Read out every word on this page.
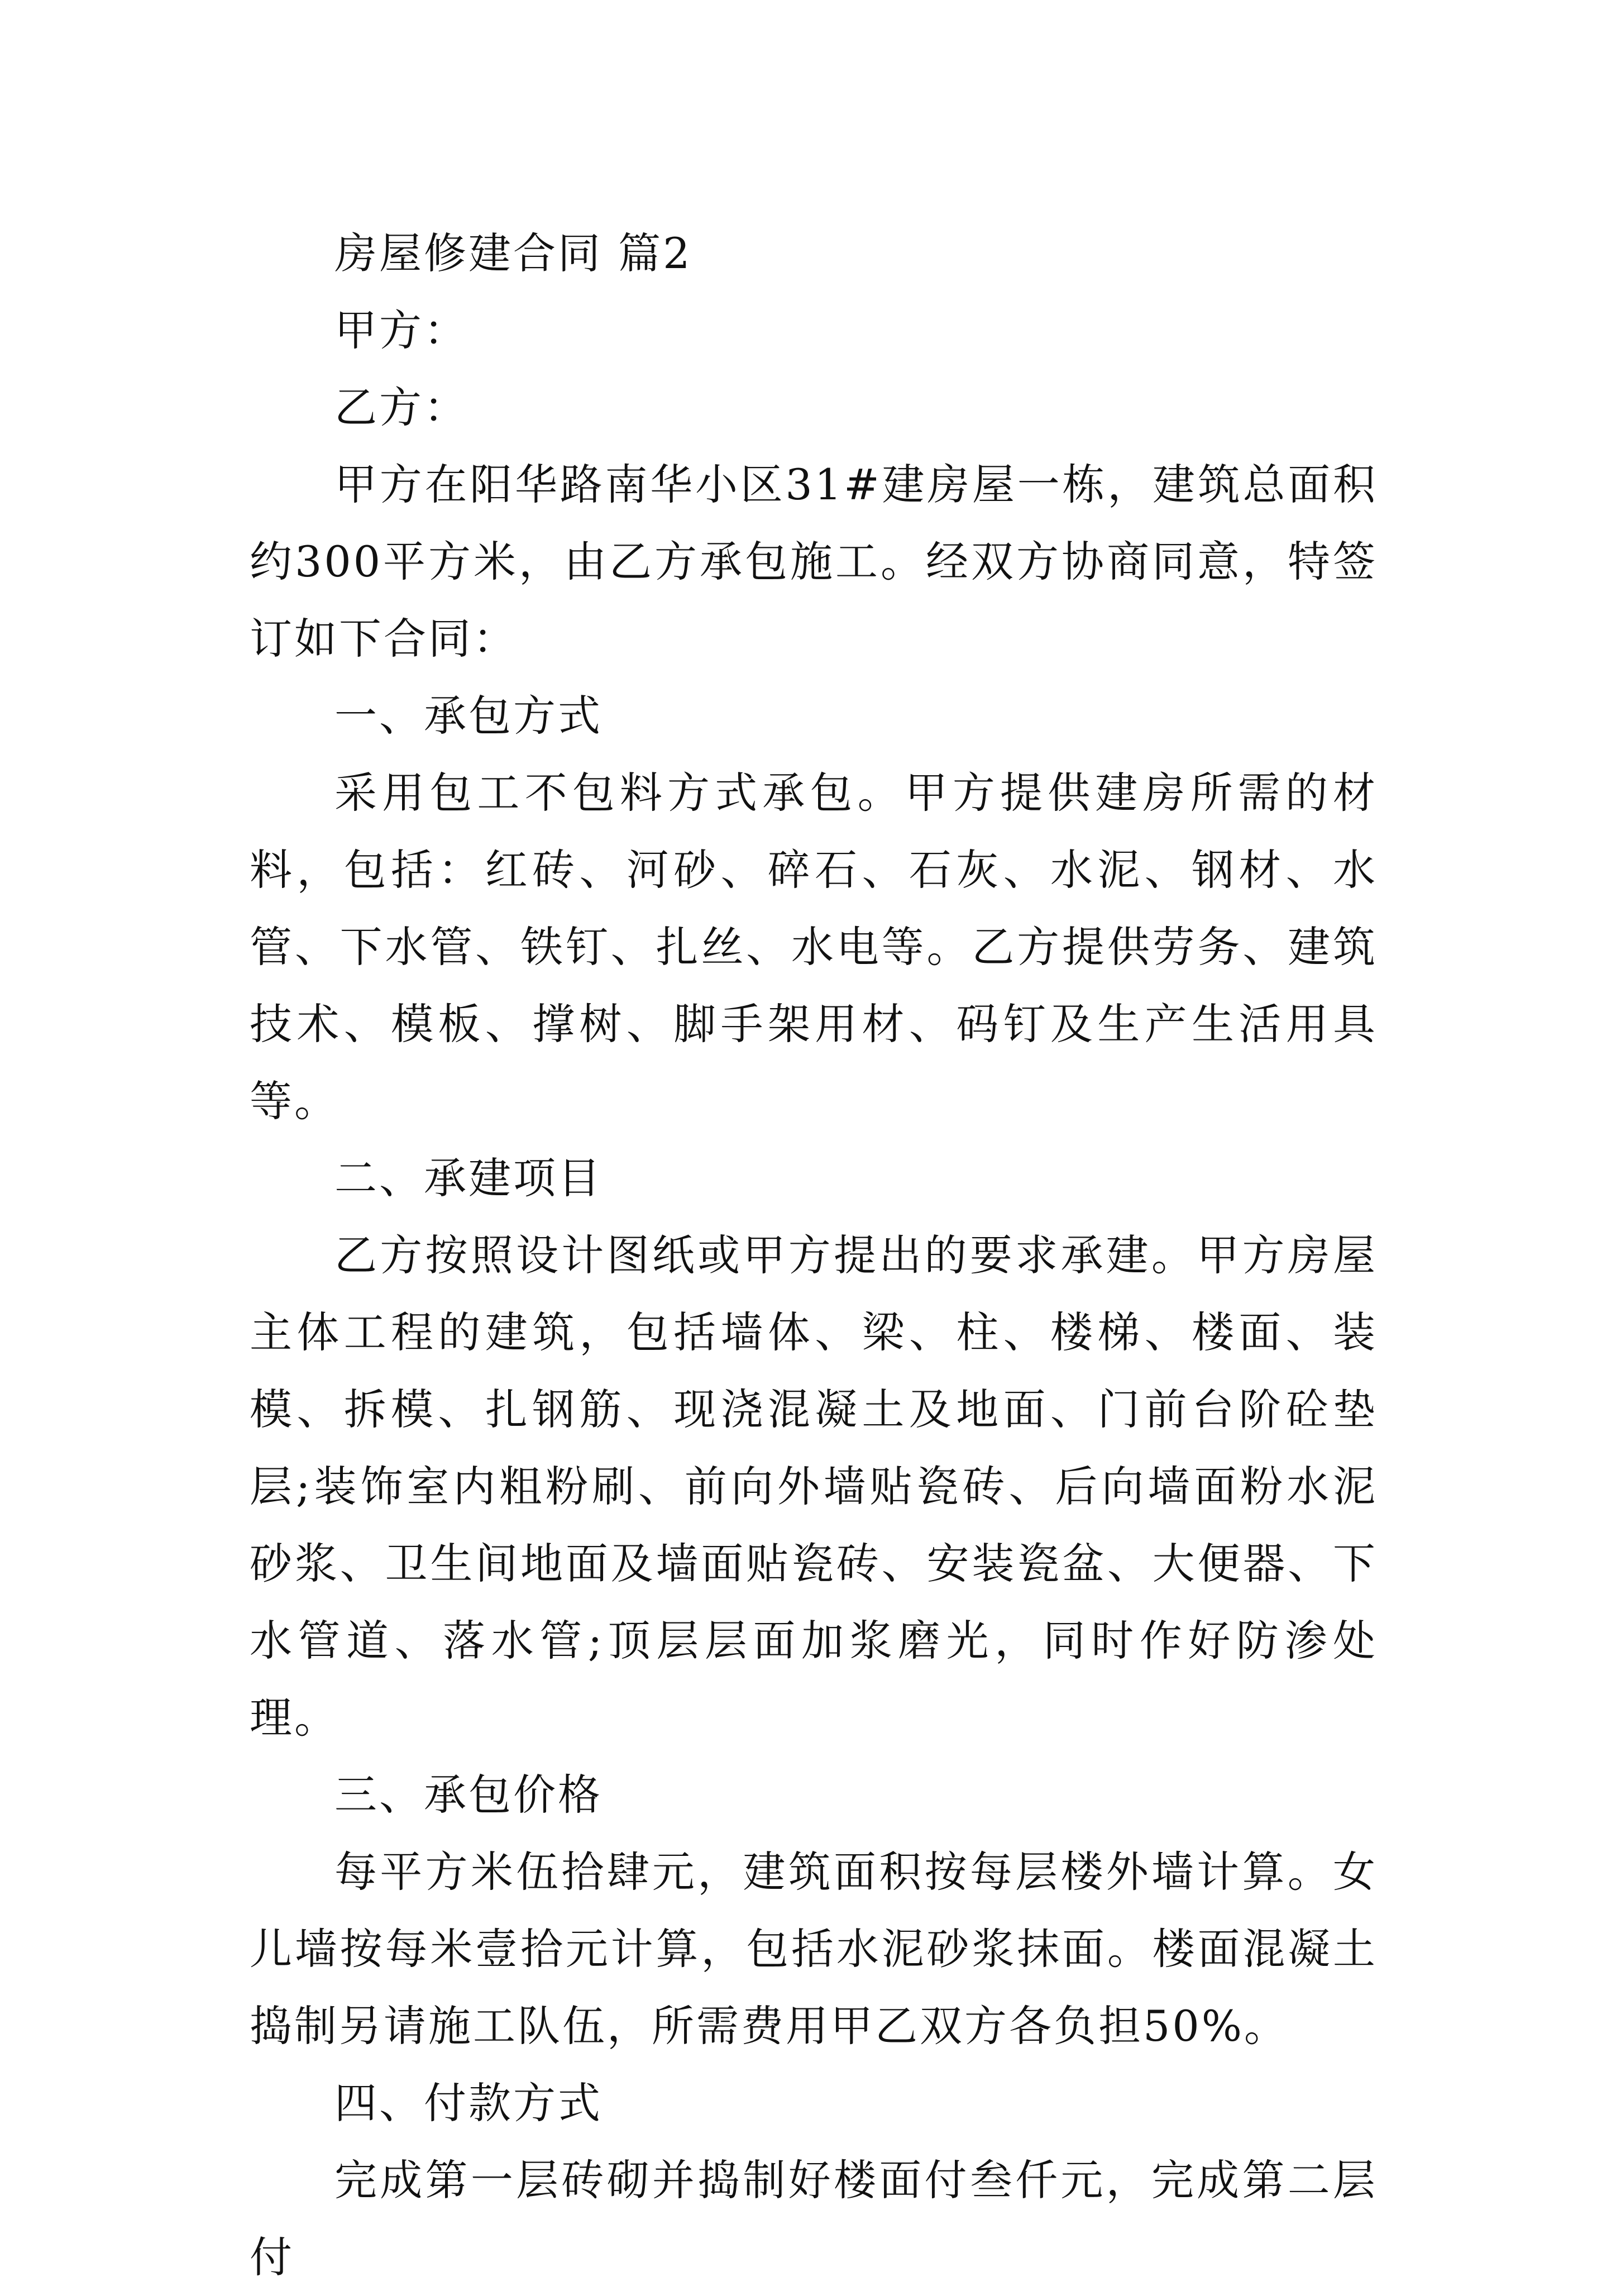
房屋修建合同 篇2

甲方：

乙方：

甲方在阳华路南华小区31#建房屋一栋，建筑总面积约300平方米，由乙方承包施工。经双方协商同意，特签订如下合同：

一、承包方式

采用包工不包料方式承包。甲方提供建房所需的材料，包括：红砖、河砂、碎石、石灰、水泥、钢材、水管、下水管、铁钉、扎丝、水电等。乙方提供劳务、建筑技术、模板、撑树、脚手架用材、码钉及生产生活用具等。

二、承建项目

乙方按照设计图纸或甲方提出的要求承建。甲方房屋主体工程的建筑，包括墙体、梁、柱、楼梯、楼面、装模、拆模、扎钢筋、现浇混凝土及地面、门前台阶砼垫层;装饰室内粗粉刷、前向外墙贴瓷砖、后向墙面粉水泥砂浆、卫生间地面及墙面贴瓷砖、安装瓷盆、大便器、下水管道、落水管;顶层层面加浆磨光，同时作好防渗处理。

三、承包价格

每平方米伍拾肆元，建筑面积按每层楼外墙计算。女儿墙按每米壹拾元计算，包括水泥砂浆抹面。楼面混凝土捣制另请施工队伍，所需费用甲乙双方各负担50%。

四、付款方式

完成第一层砖砌并捣制好楼面付叁仟元，完成第二层付
